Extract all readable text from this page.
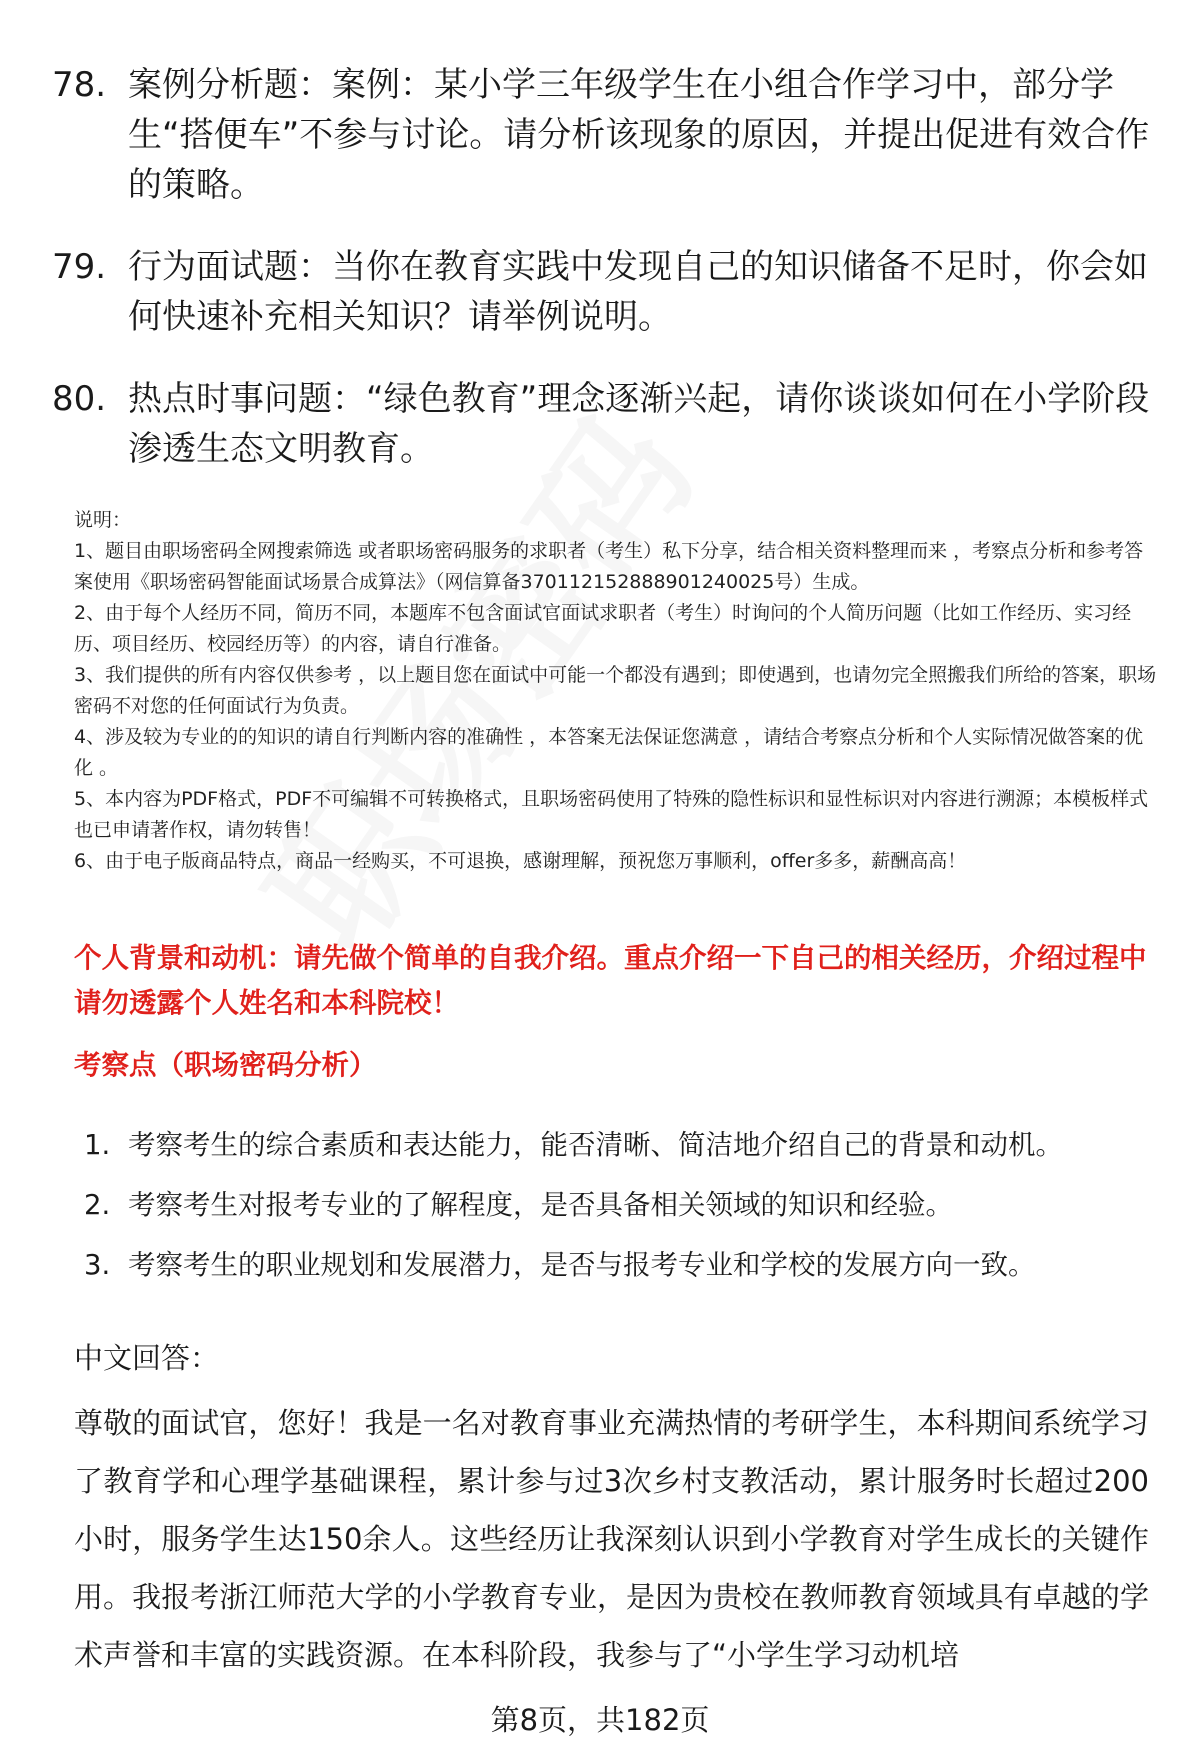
78. 案例分析题：案例：某小学三年级学生在小组合作学习中，部分学生“搭便车”不参与讨论。请分析该现象的原因，并提出促进有效合作的策略。
79. 行为面试题：当你在教育实践中发现自己的知识储备不足时，你会如何快速补充相关知识？请举例说明。
80. 热点时事问题：“绿色教育”理念逐渐兴起，请你谈谈如何在小学阶段渗透生态文明教育。

说明：

1、题目由职场密码全网搜索筛选 或者职场密码服务的求职者（考生）私下分享，结合相关资料整理而来 ，考察点分析和参考答案使用《职场密码智能面试场景合成算法》（网信算备370112152888901240025号）生成。

2、由于每个人经历不同，简历不同，本题库不包含面试官面试求职者（考生）时询问的个人简历问题（比如工作经历、实习经历、项目经历、校园经历等）的内容，请自行准备。

3、我们提供的所有内容仅供参考 ，以上题目您在面试中可能一个都没有遇到；即使遇到，也请勿完全照搬我们所给的答案，职场密码不对您的任何面试行为负责。

4、涉及较为专业的的知识的请自行判断内容的准确性 ，本答案无法保证您满意 ，请结合考察点分析和个人实际情况做答案的优化 。

5、本内容为PDF格式，PDF不可编辑不可转换格式，且职场密码使用了特殊的隐性标识和显性标识对内容进行溯源；本模板样式也已申请著作权，请勿转售！

6、由于电子版商品特点，商品一经购买，不可退换，感谢理解，预祝您万事顺利，offer多多，薪酬高高！

个人背景和动机：请先做个简单的自我介绍。重点介绍一下自己的相关经历，介绍过程中请勿透露个人姓名和本科院校！
考察点（职场密码分析）
1. 考察考生的综合素质和表达能力，能否清晰、简洁地介绍自己的背景和动机。
2. 考察考生对报考专业的了解程度，是否具备相关领域的知识和经验。
3. 考察考生的职业规划和发展潜力，是否与报考专业和学校的发展方向一致。
中文回答：
尊敬的面试官，您好！我是一名对教育事业充满热情的考研学生，本科期间系统学习了教育学和心理学基础课程，累计参与过3次乡村支教活动，累计服务时长超过200小时，服务学生达150余人。这些经历让我深刻认识到小学教育对学生成长的关键作用。我报考浙江师范大学的小学教育专业，是因为贵校在教师教育领域具有卓越的学术声誉和丰富的实践资源。在本科阶段，我参与了“小学生学习动机培
第8页，共182页
